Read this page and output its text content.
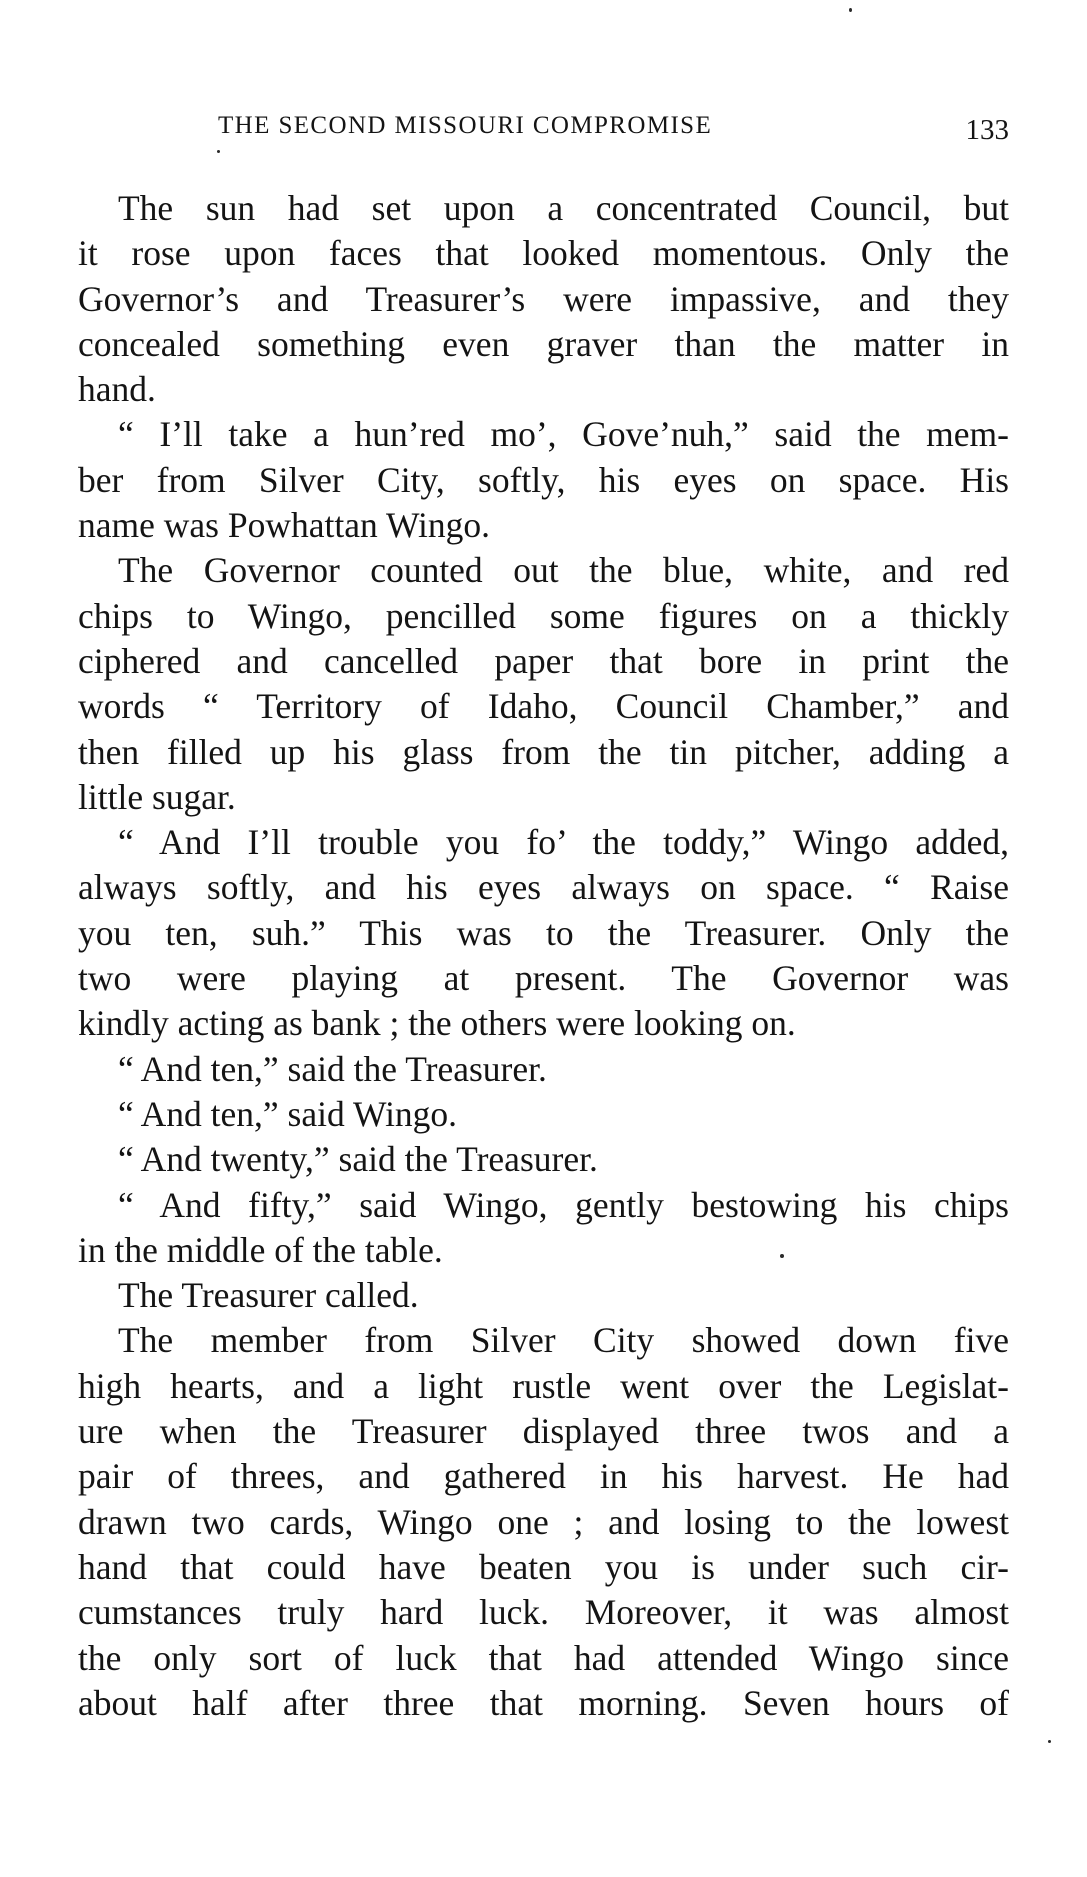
THE SECOND MISSOURI COMPROMISE	133
The sun had set upon a concentrated Council, but
it rose upon faces that looked momentous. Only the
Governor’s and Treasurer’s were impassive, and they
concealed something even graver than the matter in
hand.
“ I’ll take a hun’red mo’, Gove’nuh,” said the mem-
ber from Silver City, softly, his eyes on space. His
name was Powhattan Wingo.
The Governor counted out the blue, white, and red
chips to Wingo, pencilled some figures on a thickly
ciphered and cancelled paper that bore in print the
words “ Territory of Idaho, Council Chamber,” and
then filled up his glass from the tin pitcher, adding a
little sugar.
“ And I’ll trouble you fo’ the toddy,” Wingo added,
always softly, and his eyes always on space. “ Raise
you ten, suh.” This was to the Treasurer. Only the
two were playing at present. The Governor was
kindly acting as bank ; the others were looking on.
“ And ten,” said the Treasurer.
“ And ten,” said Wingo.
“ And twenty,” said the Treasurer.
“ And fifty,” said Wingo, gently bestowing his chips
in the middle of the table.
The Treasurer called.
The member from Silver City showed down five
high hearts, and a light rustle went over the Legislat-
ure when the Treasurer displayed three twos and a
pair of threes, and gathered in his harvest. He had
drawn two cards, Wingo one ; and losing to the lowest
hand that could have beaten you is under such cir-
cumstances truly hard luck. Moreover, it was almost
the only sort of luck that had attended Wingo since
about half after three that morning. Seven hours of
